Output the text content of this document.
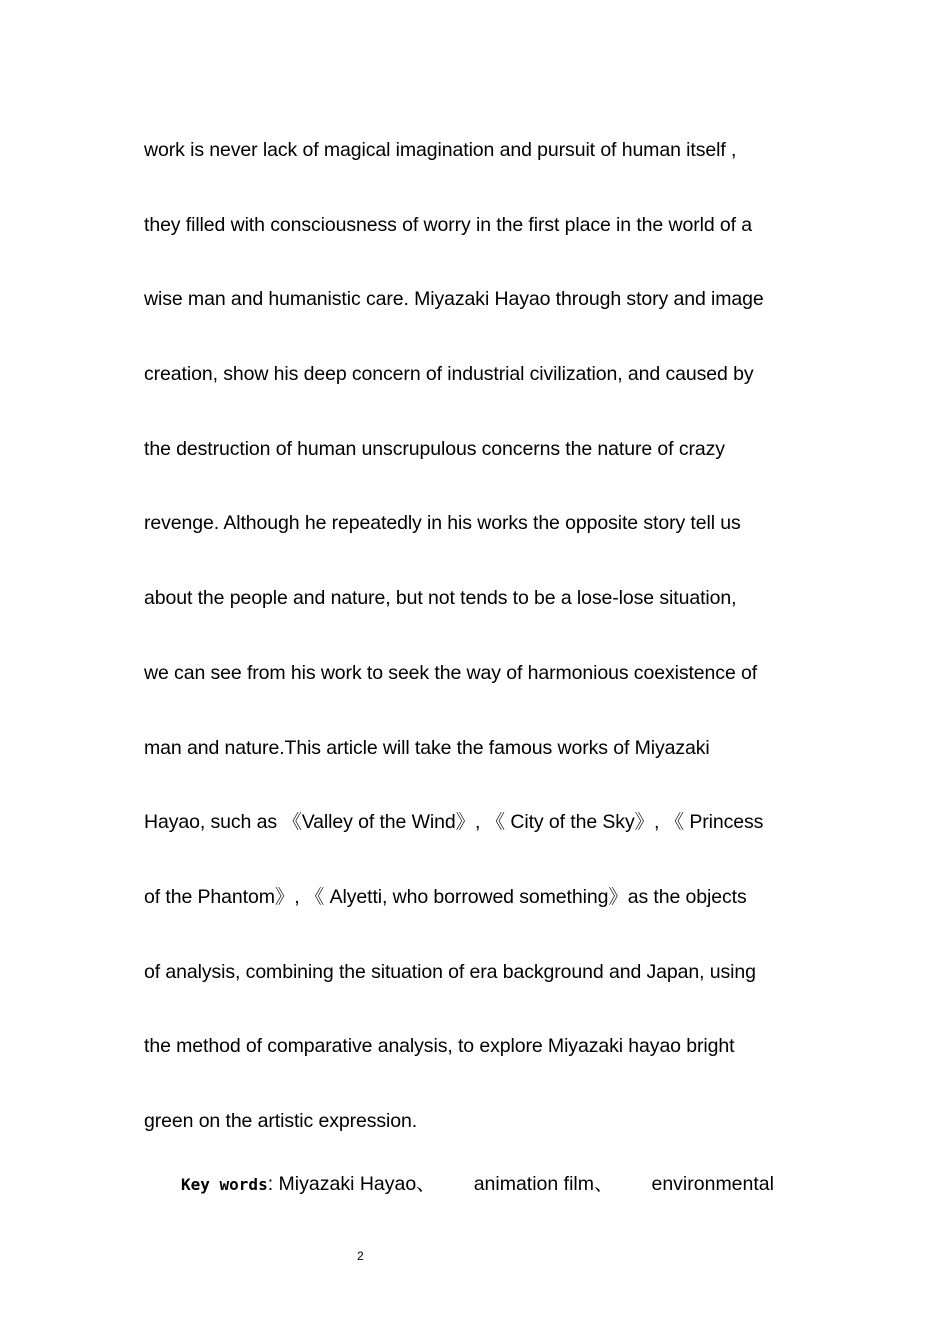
work is never lack of magical imagination and pursuit of human itself ,
they filled with consciousness of worry in the first place in the world of a
wise man and humanistic care. Miyazaki Hayao through story and image
creation, show his deep concern of industrial civilization, and caused by
the destruction of human unscrupulous concerns the nature of crazy
revenge. Although he repeatedly in his works the opposite story tell us
about the people and nature, but not tends to be a lose-lose situation,
we can see from his work to seek the way of harmonious coexistence of
man and nature.This article will take the famous works of Miyazaki
Hayao, such as 《Valley of the Wind》, 《 City of the Sky》, 《 Princess
of the Phantom》, 《 Alyetti, who borrowed something》as the objects
of analysis, combining the situation of era background and Japan, using
the method of comparative analysis, to explore Miyazaki hayao bright
green on the artistic expression.
Key words: Miyazaki Hayao、 animation film、 environmental
2
